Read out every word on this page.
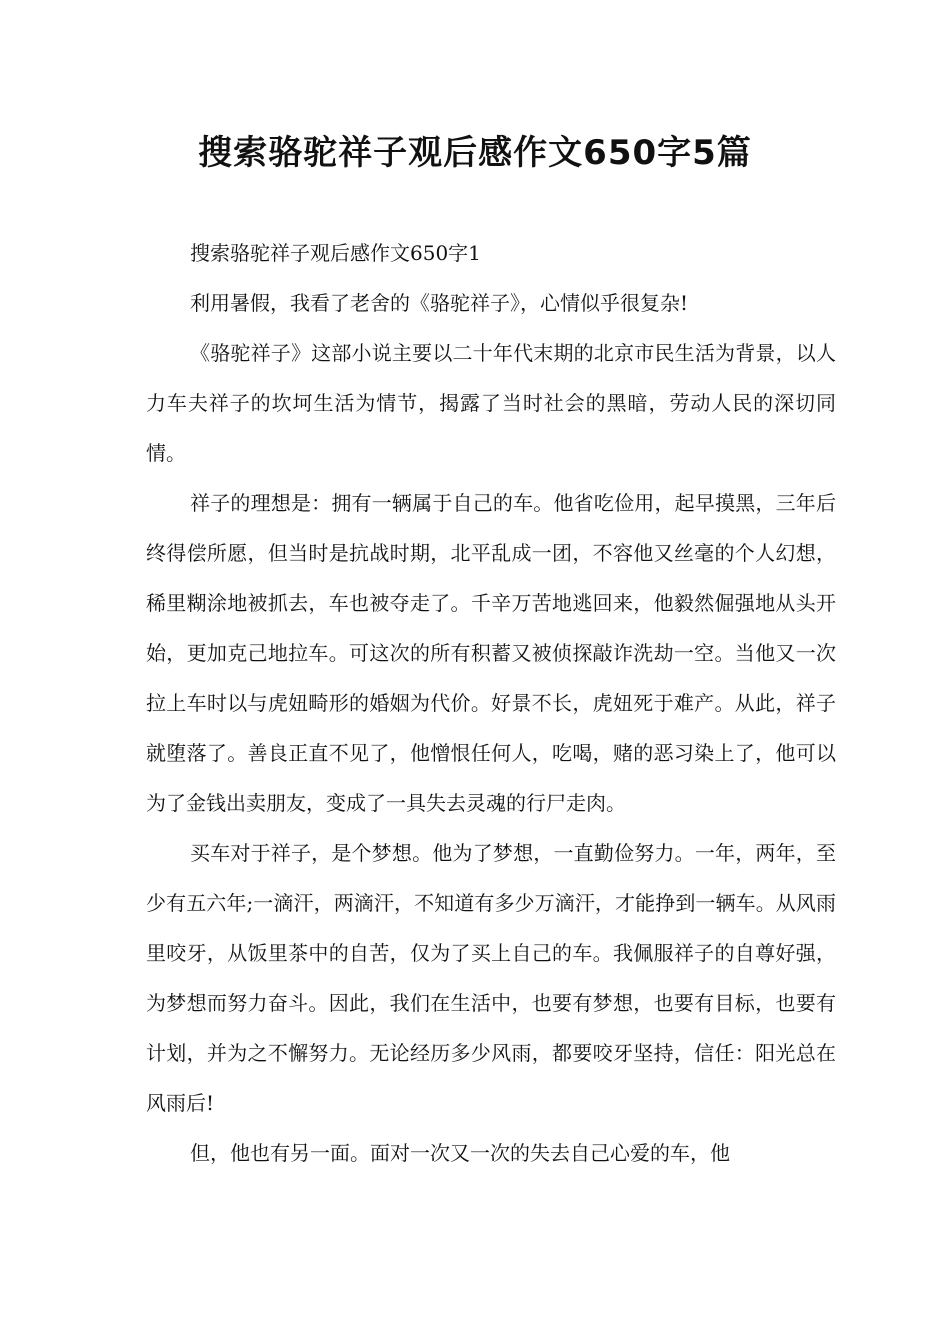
搜索骆驼祥子观后感作文650字5篇

搜索骆驼祥子观后感作文650字1

利用暑假，我看了老舍的《骆驼祥子》，心情似乎很复杂!

《骆驼祥子》这部小说主要以二十年代末期的北京市民生活为背景，以人力车夫祥子的坎坷生活为情节，揭露了当时社会的黑暗，劳动人民的深切同情。

祥子的理想是：拥有一辆属于自己的车。他省吃俭用，起早摸黑，三年后终得偿所愿，但当时是抗战时期，北平乱成一团，不容他又丝毫的个人幻想，稀里糊涂地被抓去，车也被夺走了。千辛万苦地逃回来，他毅然倔强地从头开始，更加克己地拉车。可这次的所有积蓄又被侦探敲诈洗劫一空。当他又一次拉上车时以与虎妞畸形的婚姻为代价。好景不长，虎妞死于难产。从此，祥子就堕落了。善良正直不见了，他憎恨任何人，吃喝，赌的恶习染上了，他可以为了金钱出卖朋友，变成了一具失去灵魂的行尸走肉。

买车对于祥子，是个梦想。他为了梦想，一直勤俭努力。一年，两年，至少有五六年;一滴汗，两滴汗，不知道有多少万滴汗，才能挣到一辆车。从风雨里咬牙，从饭里茶中的自苦，仅为了买上自己的车。我佩服祥子的自尊好强，为梦想而努力奋斗。因此，我们在生活中，也要有梦想，也要有目标，也要有计划，并为之不懈努力。无论经历多少风雨，都要咬牙坚持，信任：阳光总在风雨后!

但，他也有另一面。面对一次又一次的失去自己心爱的车，他
